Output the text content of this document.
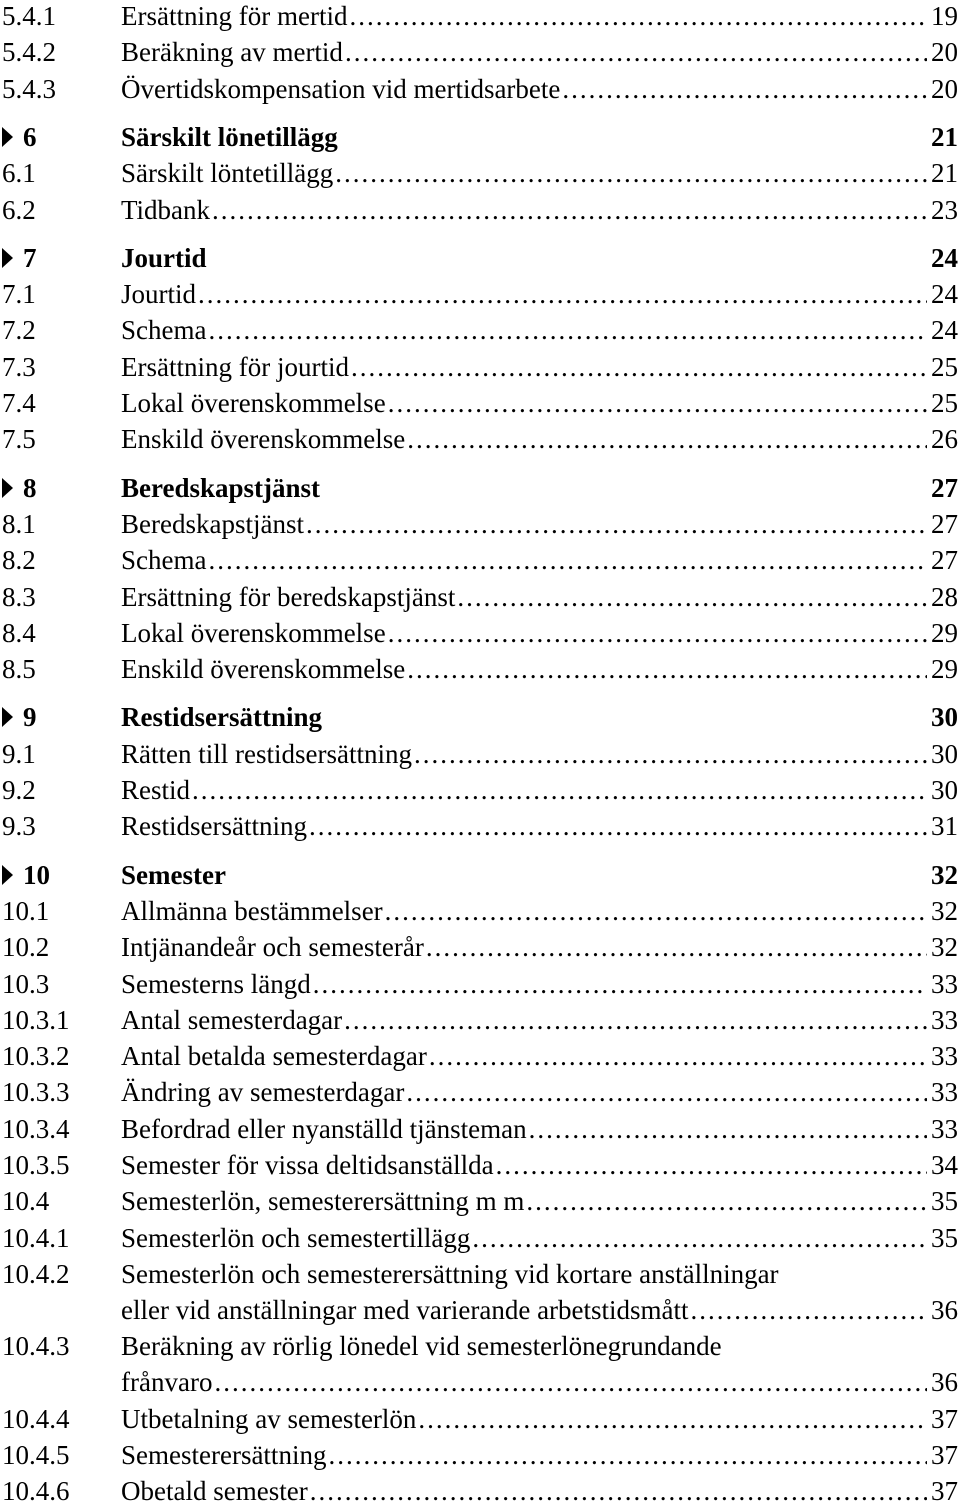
5.4.1 Ersättning för mertid .....	19
5.4.2 Beräkning av mertid .....	20
5.4.3 Övertidskompensation vid mertidsarbete .....	20
6	Särskilt lönetillägg	21
6.1	Särskilt löntetillägg .....	21
6.2	Tidbank .....	23
7	Jourtid	24
7.1	Jourtid .....	24
7.2	Schema .....	24
7.3	Ersättning för jourtid .....	25
7.4	Lokal överenskommelse .....	25
7.5	Enskild överenskommelse .....	26
8	Beredskapstjänst	27
8.1	Beredskapstjänst .....	27
8.2	Schema .....	27
8.3	Ersättning för beredskapstjänst .....	28
8.4	Lokal överenskommelse .....	29
8.5	Enskild överenskommelse .....	29
9	Restidsersättning	30
9.1	Rätten till restidsersättning .....	30
9.2	Restid .....	30
9.3	Restidsersättning .....	31
10	Semester	32
10.1	Allmänna bestämmelser .....	32
10.2	Intjänandeår och semesterår .....	32
10.3	Semesterns längd .....	33
10.3.1 Antal semesterdagar .....	33
10.3.2 Antal betalda semesterdagar .....	33
10.3.3 Ändring av semesterdagar .....	33
10.3.4 Befordrad eller nyanställd tjänsteman .....	33
10.3.5 Semester för vissa deltidsanställda .....	34
10.4	Semesterlön, semesterersättning m m .....	35
10.4.1 Semesterlön och semestertillägg .....	35
10.4.2 Semesterlön och semesterersättning vid kortare anställningar
eller vid anställningar med varierande arbetstidsmått .....	36
10.4.3 Beräkning av rörlig lönedel vid semesterlönegrundande
frånvaro .....	36
10.4.4 Utbetalning av semesterlön .....	37
10.4.5 Semesterersättning .....	37
10.4.6 Obetald semester .....	37
